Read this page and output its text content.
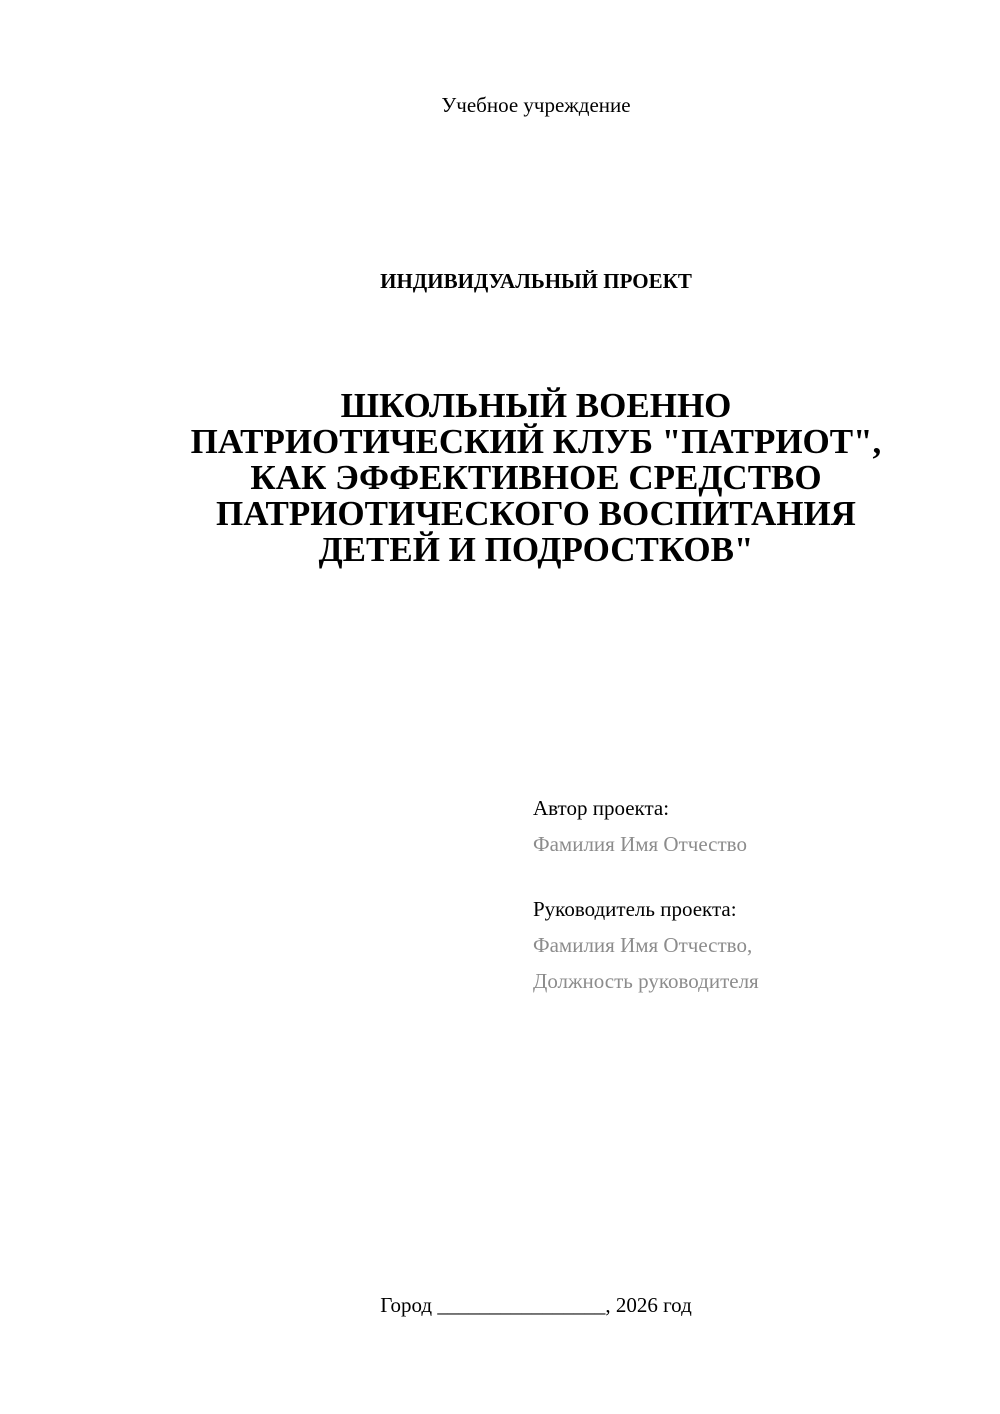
Учебное учреждение
ИНДИВИДУАЛЬНЫЙ ПРОЕКТ
ШКОЛЬНЫЙ ВОЕННО
ПАТРИОТИЧЕСКИЙ КЛУБ "ПАТРИОТ",
КАК ЭФФЕКТИВНОЕ СРЕДСТВО
ПАТРИОТИЧЕСКОГО ВОСПИТАНИЯ
ДЕТЕЙ И ПОДРОСТКОВ"
Автор проекта:
Фамилия Имя Отчество
Руководитель проекта:
Фамилия Имя Отчество,
Должность руководителя
Город ________________, 2026 год
